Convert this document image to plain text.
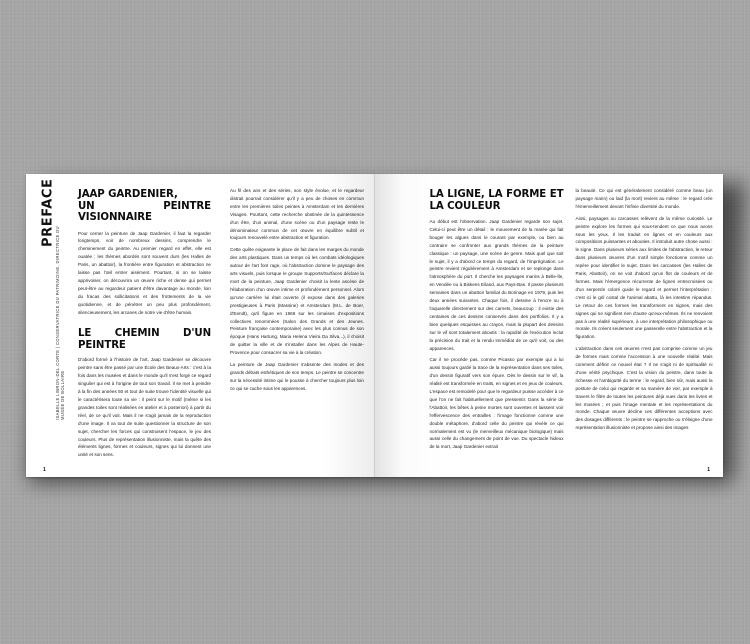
PREFACE
ISABELLE LIBRON-DEL CORTE | CONSERVATRICE DU PATRIMOINE, DIRECTRICE DU MUSÉE DE BOLLAIRE
JAAP GARDENIER,
UN PEINTRE VISIONNAIRE

Pour cerner la peinture de Jaap Gardenier, il faut la regarder longtemps, voir de nombreux dessins, comprendre le cheminement du peintre. Au premier regard en effet, elle est ouatée ; les thèmes abordés sont souvent durs (les Halles de Paris, un abattoir), la frontière entre figuration et abstraction ne laisse pas l'œil entrer aisément. Pourtant, si on se laisse apprivoiser, on découvrira un œuvre riche et dense qui permet peut-être au regardeur patient d'être davantage au monde, loin du fracas des sollicitations et des frottements de la vie quotidienne, et de pénétrer un peu plus profondément, silencieusement, les arcanes de notre vie d'être humain.

LE CHEMIN D'UN PEINTRE

D'abord formé à l'histoire de l'art, Jaap Gardenier se découvre peintre sans être passé par une École des Beaux-Arts : c'est à la fois dans les musées et dans le monde qu'il s'est forgé ce regard singulier qui est à l'origine de tout son travail. Il se met à peindre à la fin des années 50 et tout de suite trouve l'identité visuelle qui le caractérisera toute sa vie : il peint sur le motif (même si les grandes toiles sont réalisées en atelier et à posteriori) à partir du réel, de ce qu'il voit. Mais il ne s'agit jamais de la reproduction d'une image. Il va tout de suite questionner la structure de son sujet, chercher les forces qui construisent l'espace, le jeu des couleurs. Plus de représentation illusionniste, mais la quête des éléments lignes, formes et couleurs, signes qui lui donnent une unité et son sens.

Au fil des ans et des séries, son style évolue, et le regardeur distrait pourrait considérer qu'il y a peu de choses en commun entre les premières toiles peintes à Amsterdam et les dernières Visages. Pourtant, cette recherche obstinée de la quintessence d'un être, d'un animal, d'une scène ou d'un paysage reste le dénominateur commun de cet œuvre en équilibre subtil et toujours renouvelé entre abstraction et figuration.

Cette quête exigeante le place de fait dans les marges du monde des arts plastiques. Dans un temps où les combats idéologiques autour de l'art font rage, où l'abstraction domine le paysage des arts visuels, puis lorsque le groupe Supports/Surfaces déclare la mort de la peinture, Jaap Gardenier choisit la lente ascèse de l'élaboration d'un œuvre intime et profondément personnel. Alors qu'une carrière lui était ouverte (il expose dans des galeries prestigieuses à Paris (Massine) et Amsterdam (M.L. de Boer, d'Eendt), qu'il figure en 1966 sur les cimaises d'expositions collectives renommées (Salon des Grands et des Jeunes. Peinture française contemporaine) avec les plus connus de son époque (Hans Hartung, Maria Helena Vieira Da Silva...), il choisit de quitter la ville et de s'installer dans les Alpes de Haute-Provence pour consacrer sa vie à la création.

La peinture de Jaap Gardenier s'absente des modes et des grands débats esthétiques de son temps. Le peintre se concentre sur la nécessité intime qui le pousse à chercher toujours plus loin ce qui se cache sous les apparences.

1
LA LIGNE, LA FORME ET LA COULEUR

Au début est l'observation. Jaap Gardenier regarde son sujet. Celui-ci peut être un détail : le mouvement de la marée qui fait bouger les algues dans le courant par exemple, ou bien au contraire se confronter aux grands thèmes de la peinture classique : un paysage, une scène de genre. Mais quel que soit le sujet, il y a d'abord ce temps du regard, de l'imprégnation. Le peintre revient régulièrement à Amsterdam et se replonge dans l'atmosphère du port. Il cherche les paysages marins à Belle-Île, en Vendée ou à Biskens Eiland, aux Pays-Bas. Il passe plusieurs semaines dans un abattoir familial du Borinage en 1979, puis les deux années suivantes. Chaque fois, il dessine à l'encre ou à l'aquarelle directement sur des carnets, beaucoup : il existe des centaines de ces dessins conservés dans des portfolios. Il y a bien quelques esquisses au crayon, mais la plupart des dessins sur le vif sont totalement aboutis : la rapidité de l'exécution inclut la précision du trait et la rendu immédiat de ce qu'il voit, ou des apparences.

Car il ne procède pas, comme Picasso par exemple qui a lui aussi toujours gardé la trace de la représentation dans ses toiles, d'un dessin figuratif vers son épure. Dès le dessin sur le vif, la réalité est transformée en traits, en signes et en jeux de couleurs. L'espace est remodelé pour que le regardeur puisse accéder à ce que l'on ne fait habituellement que pressentir. Dans la série de l'Abattoir, les bêtes à peine mortes sont ouvertes et laissent voir l'effervescence des entrailles : l'image fonctionne comme une double métaphore, d'abord celle du peintre qui révèle ce qui normalement est vu (le merveilleux mécanique biologique) mais aussi celle du changement de point de vue. Du spectacle hideux de la mort, Jaap Gardenier extrait

la beauté. Ce qui est généralement considéré comme beau (un paysage marin) ou laid (la mort) revient au même : le regard crée l'émerveillement devant l'infinie diversité du monde.

Ainsi, paysages ou carcasses relèvent de la même curiosité. Le peintre explore les formes qui sous-tendent ce que nous avons sous les yeux. Il les traduit en lignes et en couleurs aux compositions puissantes et abouties. Il introduit autre chose aussi : le signe. Dans plusieurs séries aux limites de l'abstraction, le retour dans plusieurs œuvres d'un motif simple fonctionne comme un repère pour identifier le sujet. Dans les carcasses (les Halles de Paris, Abattoir), on ne voit d'abord qu'un flot de couleurs et de formes. Mais l'émergence récurrente de lignes entrecroisées ou d'un serpentin coloré guide le regard et permet l'interprétation : c'est ici le gril costal de l'animal abattu, là les intestins répandus. Le retour de ces formes les transforment en signes, mais des signes qui ne signifient rien d'autre qu'eux-mêmes. Ils ne renvoient pas à une réalité supérieure, à une interprétation philosophique ou morale. Ils créent seulement une passerelle entre l'abstraction et la figuration.

L'abstraction dans ces œuvres n'est pas comprise comme un jeu de formes mais comme l'accession à une nouvelle réalité. Mais comment définir ce nouvel état ? Il ne s'agit ni de spiritualité ni d'une vérité psychique. C'est la vision du peintre, dans toute la richesse et l'ambiguïté du terme : le regard, bien sûr, mais aussi la posture de celui qui regarde et sa manière de voir, par exemple à travers le filtre de toutes les peintures déjà vues dans les livres et les musées ; et puis l'image mentale et les représentations du monde. Chaque œuvre décline ces différentes acceptions avec des dosages différents : le peintre se rapproche ou s'éloigne d'une représentation illusionniste et propose ainsi des images

1
